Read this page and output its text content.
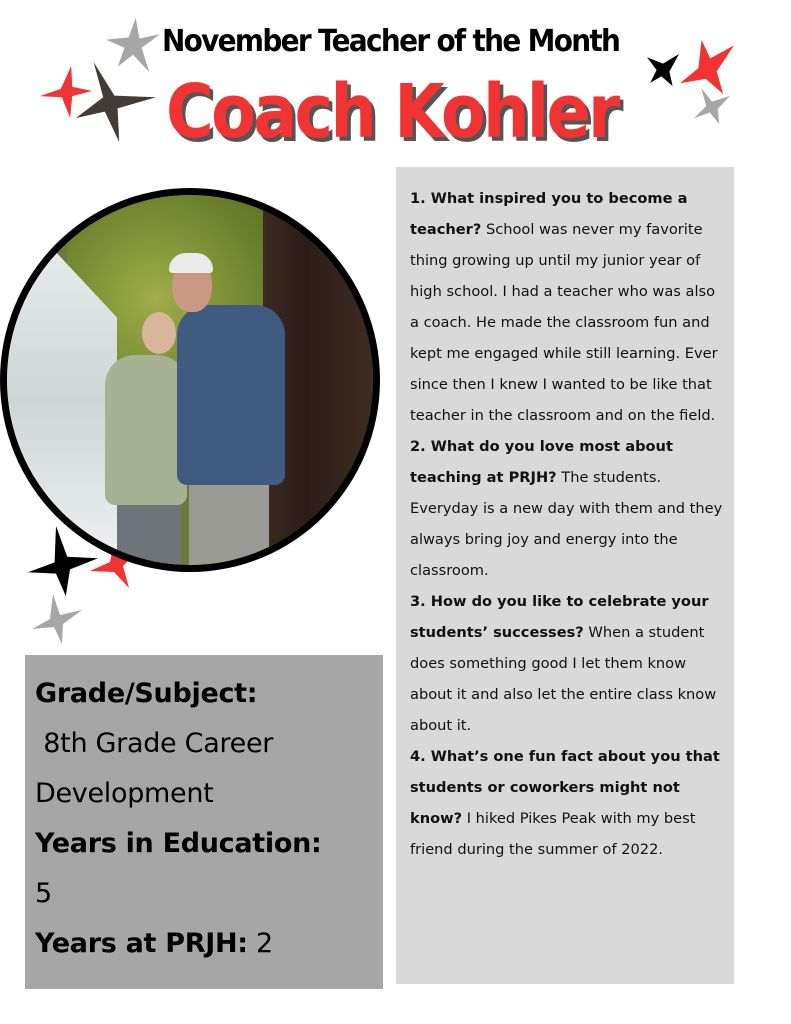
November Teacher of the Month
Coach Kohler
Grade/Subject:
8th Grade Career
Development
Years in Education:
5
Years at PRJH: 2

1. What inspired you to become a teacher? School was never my favorite thing growing up until my junior year of high school. I had a teacher who was also a coach. He made the classroom fun and kept me engaged while still learning. Ever since then I knew I wanted to be like that teacher in the classroom and on the field.

2. What do you love most about teaching at PRJH? The students. Everyday is a new day with them and they always bring joy and energy into the classroom.

3. How do you like to celebrate your students’ successes? When a student does something good I let them know about it and also let the entire class know about it.

4. What’s one fun fact about you that students or coworkers might not know? I hiked Pikes Peak with my best friend during the summer of 2022.
